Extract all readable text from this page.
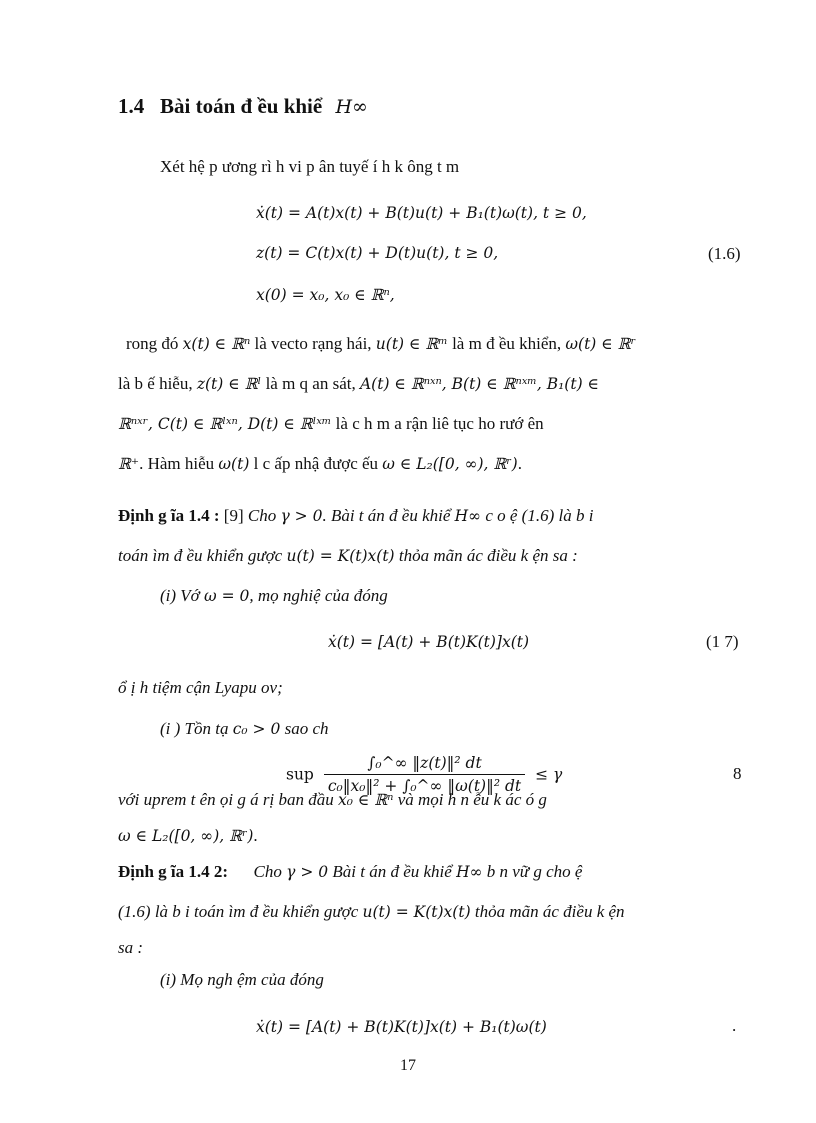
1.4 Bài toán đ ều khiể H∞
Xét hệ p ương rì h vi p ân tuyế í h k ông t m
ẋ(t) = A(t)x(t) + B(t)u(t) + B₁(t)ω(t), t ≥ 0,
z(t) = C(t)x(t) + D(t)u(t), t ≥ 0,	(1.6)
x(0) = x₀, x₀ ∈ ℝⁿ,
rong đó x(t) ∈ ℝⁿ là vecto rạng hái, u(t) ∈ ℝᵐ là m đ ều khiển, ω(t) ∈ ℝʳ
là b ế hiễu, z(t) ∈ ℝˡ là m q an sát, A(t) ∈ ℝⁿˣⁿ, B(t) ∈ ℝⁿˣᵐ, B₁(t) ∈
ℝⁿˣʳ, C(t) ∈ ℝˡˣⁿ, D(t) ∈ ℝˡˣᵐ là c h m a rận liê tục ho rướ ên
ℝ⁺. Hàm hiễu ω(t) l c ấp nhậ được ếu ω ∈ L₂([0, ∞), ℝʳ).
Định g ĩa 1.4 : [9] Cho γ > 0. Bài t án đ ều khiể H∞ c o ệ (1.6) là b i
toán ìm đ ều khiển gược u(t) = K(t)x(t) thỏa mãn ác điều k ện sa :
(i) Vớ ω = 0, mọ nghiệ của đóng
ẋ(t) = [A(t) + B(t)K(t)]x(t)	(1 7)
ổ ị h tiệm cận Lyapu ov;
(i ) Tồn tạ c₀ > 0 sao ch
sup $\frac{\text{∫₀\textasciicircum{}∞ ‖z(t)‖² dt}}{\text{c₀‖x₀‖² + ∫₀\textasciicircum{}∞ ‖ω(t)‖² dt}} \le \gamma$	8
với uprem t ên ọi g á rị ban đầu x₀ ∈ ℝⁿ và mọi h n ễu k ác ó g
ω ∈ L₂([0, ∞), ℝʳ).
Định g ĩa 1.4 2: Cho γ > 0 Bài t án đ ều khiể H∞ b n vữ g cho ệ
(1.6) là b i toán ìm đ ều khiển gược u(t) = K(t)x(t) thỏa mãn ác điều k ện
sa :
(i) Mọ ngh ệm của đóng
17
ẋ(t) = [A(t) + B(t)K(t)]x(t) + B₁(t)ω(t)	.
